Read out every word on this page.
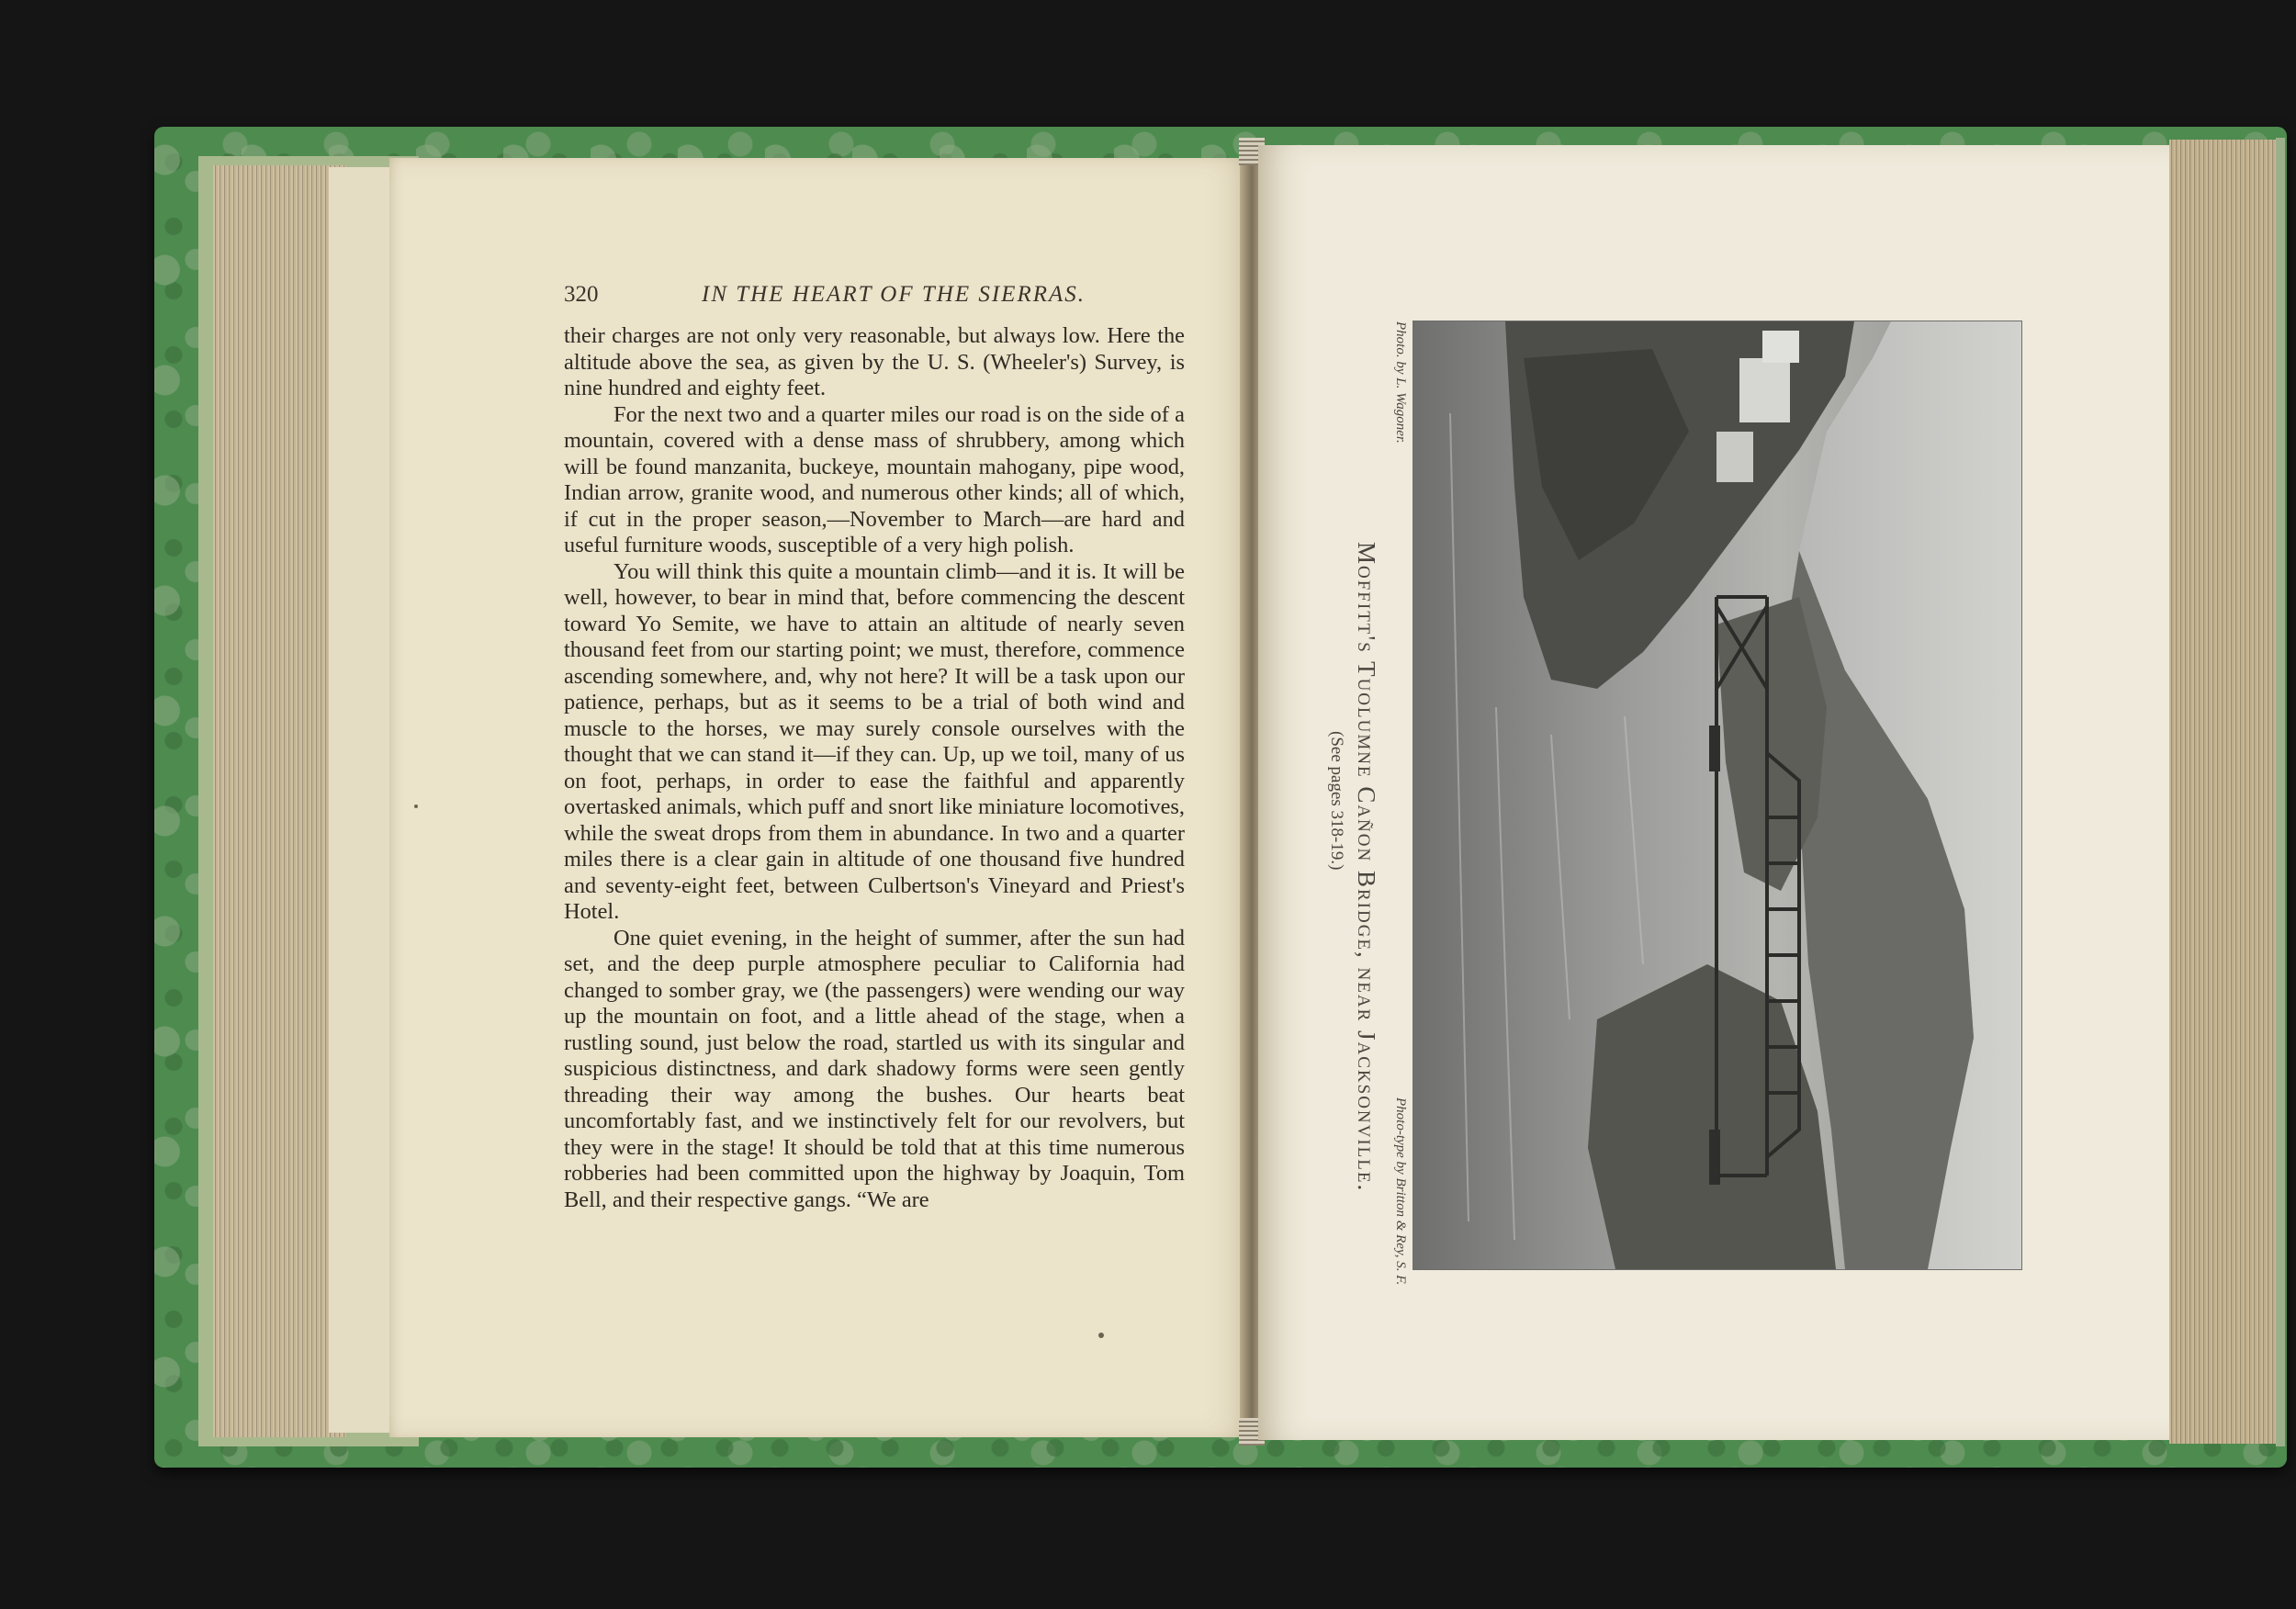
320	IN THE HEART OF THE SIERRAS.

their charges are not only very reasonable, but always low. Here the altitude above the sea, as given by the U. S. (Wheeler's) Survey, is nine hundred and eighty feet.

For the next two and a quarter miles our road is on the side of a mountain, covered with a dense mass of shrubbery, among which will be found manzanita, buckeye, mountain mahogany, pipe wood, Indian arrow, granite wood, and numerous other kinds; all of which, if cut in the proper season,—November to March—are hard and useful furniture woods, susceptible of a very high polish.

You will think this quite a mountain climb—and it is. It will be well, however, to bear in mind that, before commencing the descent toward Yo Semite, we have to attain an altitude of nearly seven thousand feet from our starting point; we must, therefore, commence ascending somewhere, and, why not here? It will be a task upon our patience, perhaps, but as it seems to be a trial of both wind and muscle to the horses, we may surely console ourselves with the thought that we can stand it—if they can. Up, up we toil, many of us on foot, perhaps, in order to ease the faithful and apparently overtasked animals, which puff and snort like miniature locomotives, while the sweat drops from them in abundance. In two and a quarter miles there is a clear gain in altitude of one thousand five hundred and seventy-eight feet, between Culbertson's Vineyard and Priest's Hotel.

One quiet evening, in the height of summer, after the sun had set, and the deep purple atmosphere peculiar to California had changed to somber gray, we (the passengers) were wending our way up the mountain on foot, and a little ahead of the stage, when a rustling sound, just below the road, startled us with its singular and suspicious distinctness, and dark shadowy forms were seen gently threading their way among the bushes. Our hearts beat uncomfortably fast, and we instinctively felt for our revolvers, but they were in the stage! It should be told that at this time numerous robberies had been committed upon the highway by Joaquin, Tom Bell, and their respective gangs. “We are

Photo. by L. Wagoner.
Photo-type by Britton & Rey, S. F.
Moffitt's Tuolumne Cañon Bridge, near Jacksonville.
(See pages 318-19.)
